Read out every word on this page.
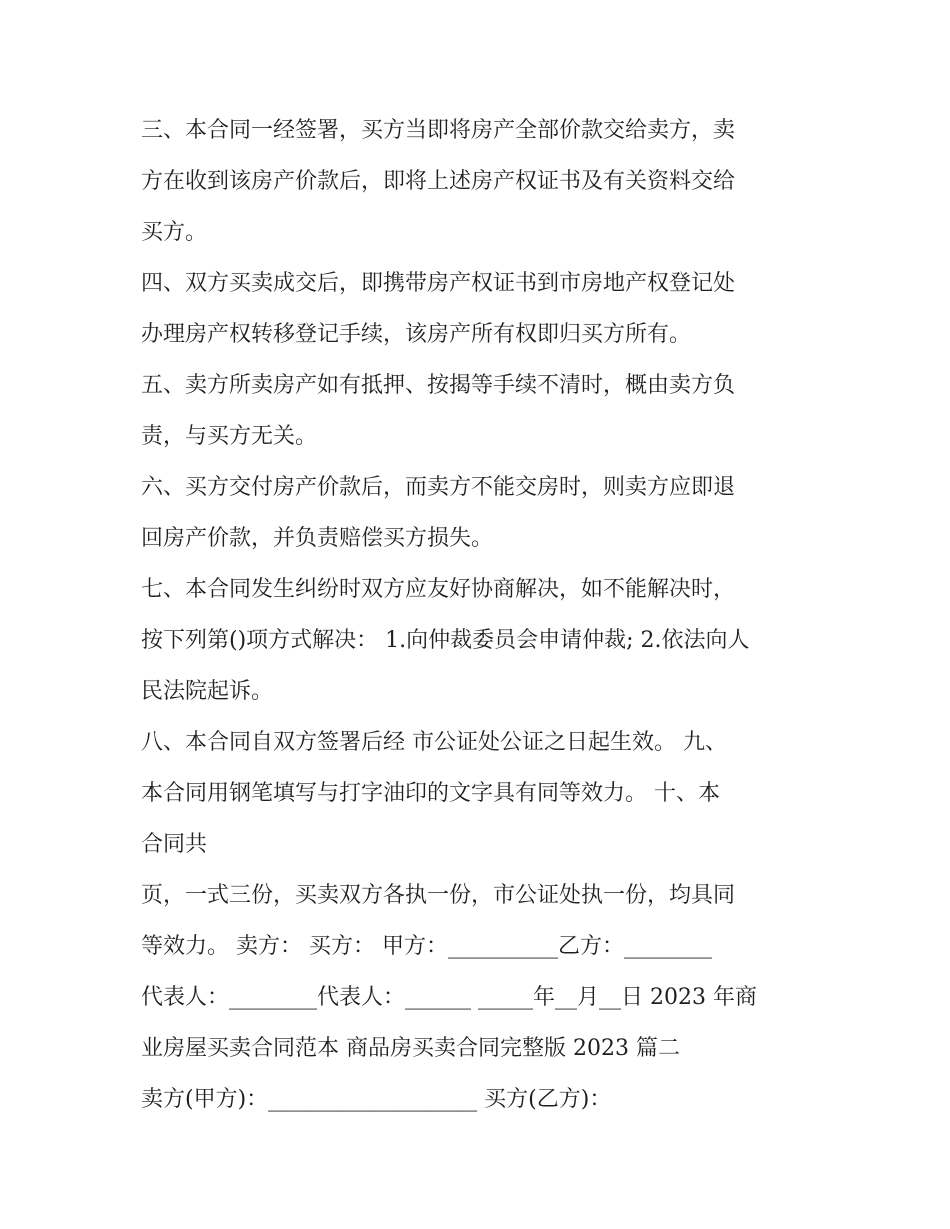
三、本合同一经签署，买方当即将房产全部价款交给卖方，卖
方在收到该房产价款后，即将上述房产权证书及有关资料交给
买方。
四、双方买卖成交后，即携带房产权证书到市房地产权登记处
办理房产权转移登记手续，该房产所有权即归买方所有。
五、卖方所卖房产如有抵押、按揭等手续不清时，概由卖方负
责，与买方无关。
六、买方交付房产价款后，而卖方不能交房时，则卖方应即退
回房产价款，并负责赔偿买方损失。
七、本合同发生纠纷时双方应友好协商解决，如不能解决时，
按下列第()项方式解决： 1.向仲裁委员会申请仲裁; 2.依法向人
民法院起诉。
八、本合同自双方签署后经 市公证处公证之日起生效。 九、
本合同用钢笔填写与打字油印的文字具有同等效力。 十、本
合同共
页，一式三份，买卖双方各执一份，市公证处执一份，均具同
等效力。 卖方： 买方： 甲方：__________乙方：________
代表人：________代表人：______ _____年__月__日 2023 年商
业房屋买卖合同范本 商品房买卖合同完整版 2023 篇二
卖方(甲方)：___________________ 买方(乙方)：
